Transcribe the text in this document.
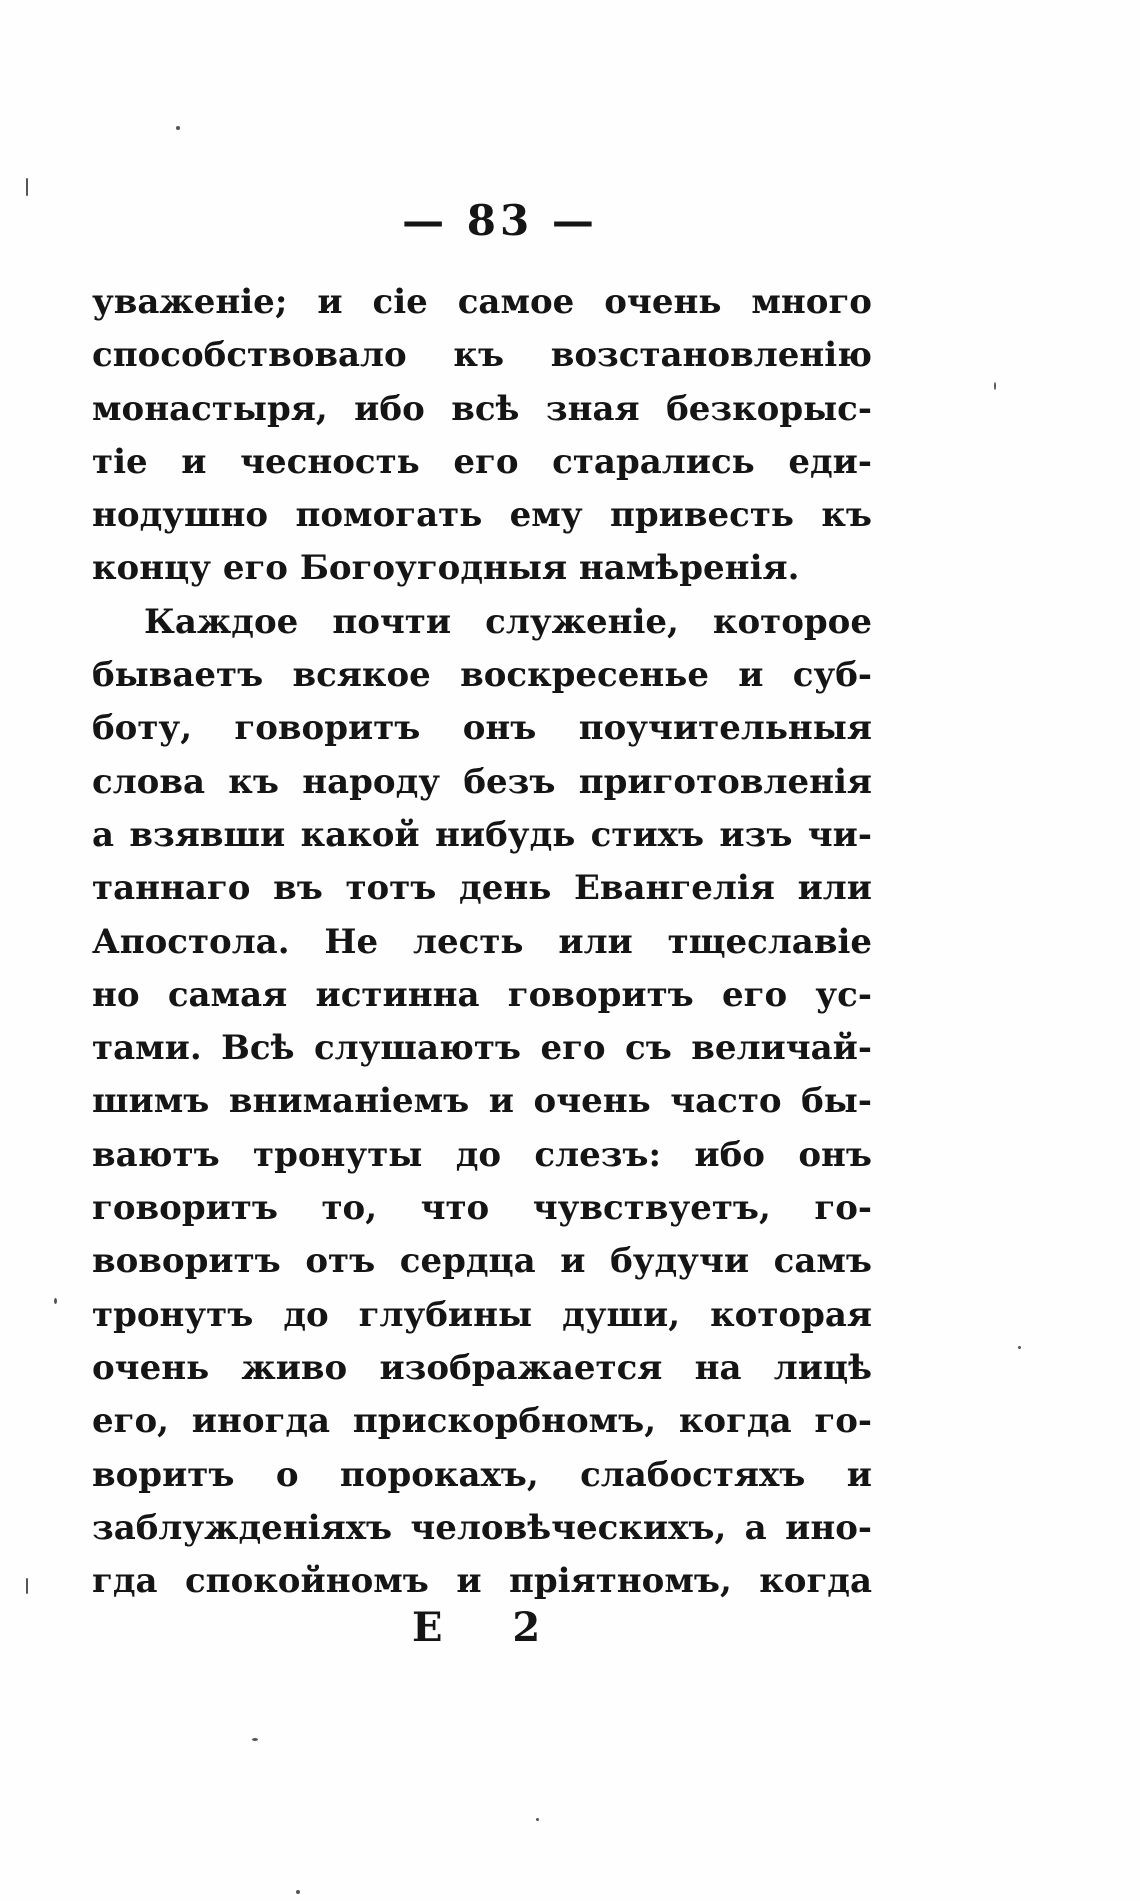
— 83 —
уваженіе; и сіе самое очень много
способствовало къ возстановленію
монастыря, ибо всѣ зная безкорыс-
тіе и чесность его старались еди-
нодушно помогать ему привесть къ
концу его Богоугодныя намѣренія.
Каждое почти служеніе, которое
бываетъ всякое воскресенье и суб-
боту, говоритъ онъ поучительныя
слова къ народу безъ приготовленія
а взявши какой нибудь стихъ изъ чи-
таннаго въ тотъ день Евангелія или
Апостола. Не лесть или тщеславіе
но самая истинна говоритъ его ус-
тами. Всѣ слушаютъ его съ величай-
шимъ вниманіемъ и очень часто бы-
ваютъ тронуты до слезъ: ибо онъ
говоритъ то, что чувствуетъ, го-
воворитъ отъ сердца и будучи самъ
тронутъ до глубины души, которая
очень живо изображается на лицѣ
его, иногда прискорбномъ, когда го-
воритъ о порокахъ, слабостяхъ и
заблужденіяхъ человѣческихъ, а ино-
гда спокойномъ и пріятномъ, когда
Е 2
